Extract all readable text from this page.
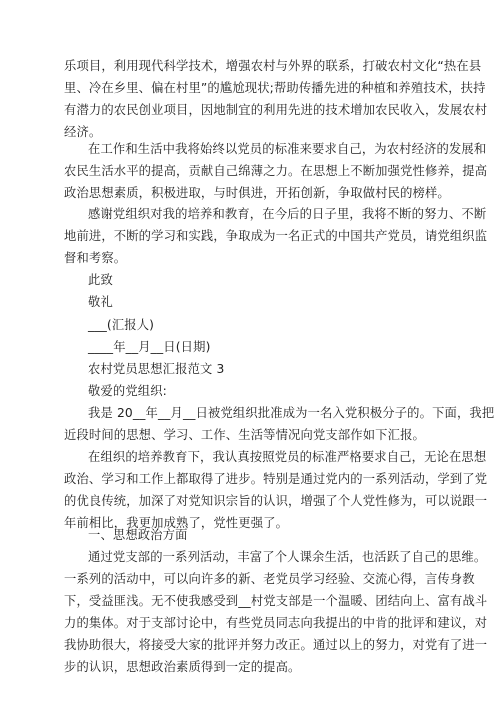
乐项目，利用现代科学技术，增强农村与外界的联系，打破农村文化“热在县
里、冷在乡里、偏在村里”的尴尬现状;帮助传播先进的种植和养殖技术，扶持
有潜力的农民创业项目，因地制宜的利用先进的技术增加农民收入，发展农村
经济。
在工作和生活中我将始终以党员的标准来要求自己，为农村经济的发展和
农民生活水平的提高，贡献自己绵薄之力。在思想上不断加强党性修养，提高
政治思想素质，积极进取，与时俱进，开拓创新，争取做村民的榜样。
感谢党组织对我的培养和教育，在今后的日子里，我将不断的努力、不断
地前进，不断的学习和实践，争取成为一名正式的中国共产党员，请党组织监
督和考察。
此致
敬礼
___(汇报人)
____年__月__日(日期)
农村党员思想汇报范文 3
敬爱的党组织:
我是 20__年__月__日被党组织批准成为一名入党积极分子的。下面，我把
近段时间的思想、学习、工作、生活等情况向党支部作如下汇报。
在组织的培养教育下，我认真按照党员的标准严格要求自己，无论在思想
政治、学习和工作上都取得了进步。特别是通过党内的一系列活动，学到了党
的优良传统，加深了对党知识宗旨的认识，增强了个人党性修为，可以说跟一
年前相比，我更加成熟了，党性更强了。
一、思想政治方面
通过党支部的一系列活动，丰富了个人课余生活，也活跃了自己的思维。
一系列的活动中，可以向许多的新、老党员学习经验、交流心得，言传身教
下，受益匪浅。无不使我感受到__村党支部是一个温暖、团结向上、富有战斗
力的集体。对于支部讨论中，有些党员同志向我提出的中肯的批评和建议，对
我协助很大，将接受大家的批评并努力改正。通过以上的努力，对党有了进一
步的认识，思想政治素质得到一定的提高。
